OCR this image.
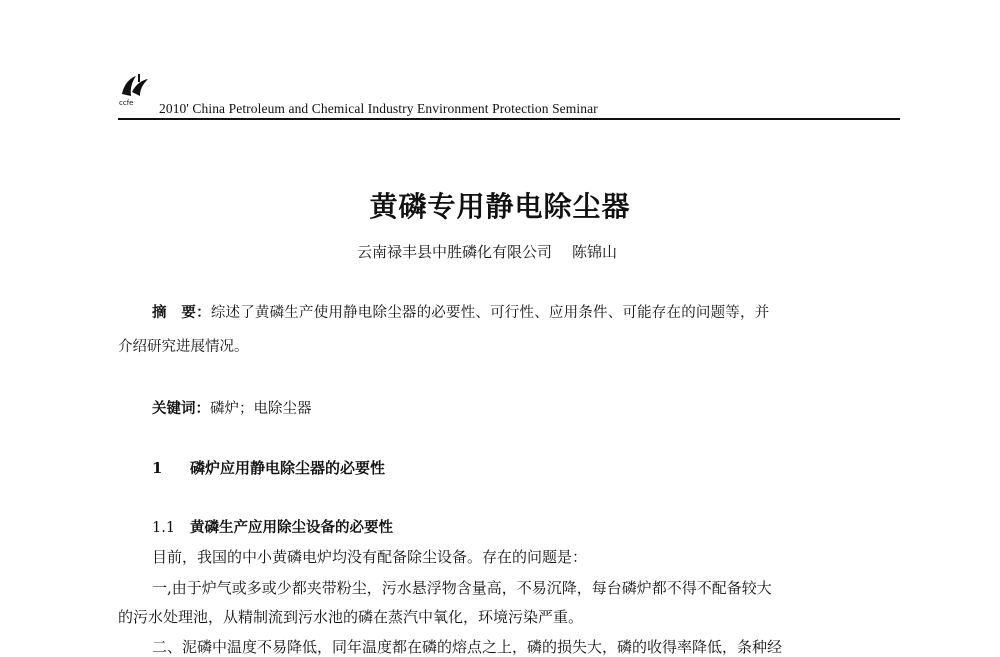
ccfe 2010' China Petroleum and Chemical Industry Environment Protection Seminar
黄磷专用静电除尘器
云南禄丰县中胜磷化有限公司 陈锦山
摘　要：综述了黄磷生产使用静电除尘器的必要性、可行性、应用条件、可能存在的问题等，并
介绍研究进展情况。
关键词：磷炉；电除尘器
1 磷炉应用静电除尘器的必要性
1.1 黄磷生产应用除尘设备的必要性
目前，我国的中小黄磷电炉均没有配备除尘设备。存在的问题是：
一,由于炉气或多或少都夹带粉尘，污水悬浮物含量高，不易沉降，每台磷炉都不得不配备较大
的污水处理池，从精制流到污水池的磷在蒸汽中氧化，环境污染严重。
二、泥磷中温度不易降低，同年温度都在磷的熔点之上，磷的损失大，磷的收得率降低，条种经
